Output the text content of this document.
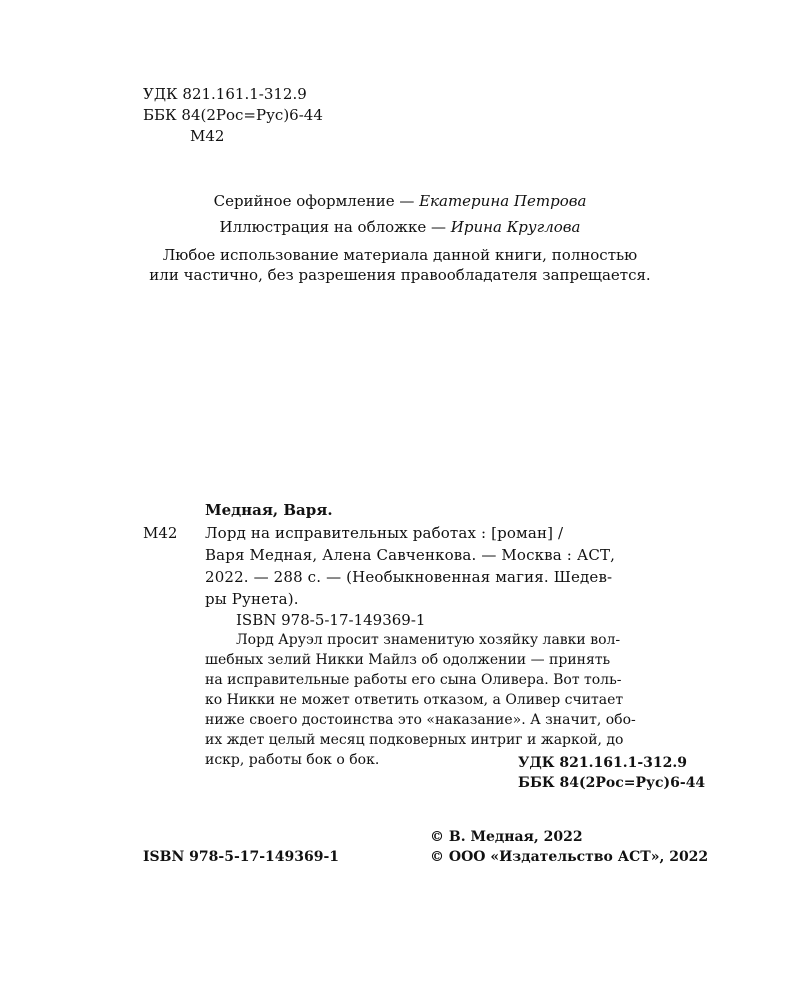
УДК 821.161.1-312.9
ББК 84(2Рос=Рус)6-44
М42
Серийное оформление — Екатерина Петрова
Иллюстрация на обложке — Ирина Круглова
Любое использование материала данной книги, полностью
или частично, без разрешения правообладателя запрещается.
Медная, Варя.
М42 Лорд на исправительных работах : [роман] /
Варя Медная, Алена Савченкова. — Москва : АСТ,
2022. — 288 с. — (Необыкновенная магия. Шедев-
ры Рунета).
ISBN 978-5-17-149369-1
Лорд Аруэл просит знаменитую хозяйку лавки вол-
шебных зелий Никки Майлз об одолжении — принять
на исправительные работы его сына Оливера. Вот толь-
ко Никки не может ответить отказом, а Оливер считает
ниже своего достоинства это «наказание». А значит, обо-
их ждет целый месяц подковерных интриг и жаркой, до
искр, работы бок о бок.	УДК 821.161.1-312.9
ББК 84(2Рос=Рус)6-44
© В. Медная, 2022
© ООО «Издательство АСТ», 2022
ISBN 978-5-17-149369-1
